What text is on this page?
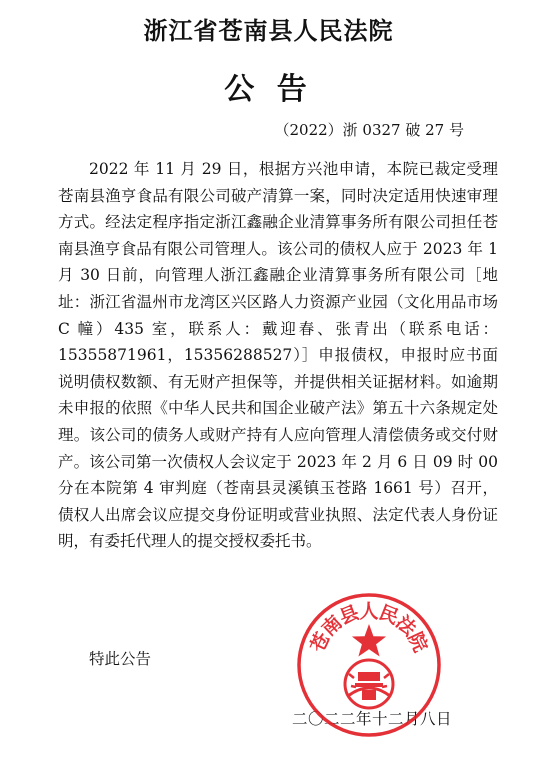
浙江省苍南县人民法院
公 告
（2022）浙 0327 破 27 号

2022 年 11 月 29 日，根据方兴池申请，本院已裁定受理苍南县渔亨食品有限公司破产清算一案，同时决定适用快速审理方式。经法定程序指定浙江鑫融企业清算事务所有限公司担任苍南县渔亨食品有限公司管理人。该公司的债权人应于 2023 年 1 月 30 日前，向管理人浙江鑫融企业清算事务所有限公司［地址：浙江省温州市龙湾区兴区路人力资源产业园（文化用品市场 C 幢）435 室，联系人：戴迎春、张青出（联系电话：15355871961，15356288527）］申报债权，申报时应书面说明债权数额、有无财产担保等，并提供相关证据材料。如逾期未申报的依照《中华人民共和国企业破产法》第五十六条规定处理。该公司的债务人或财产持有人应向管理人清偿债务或交付财产。该公司第一次债权人会议定于 2023 年 2 月 6 日 09 时 00 分在本院第 4 审判庭（苍南县灵溪镇玉苍路 1661 号）召开，债权人出席会议应提交身份证明或营业执照、法定代表人身份证明，有委托代理人的提交授权委托书。

特此公告
二〇二二年十二月八日
苍
南
县
人
民
法
院
